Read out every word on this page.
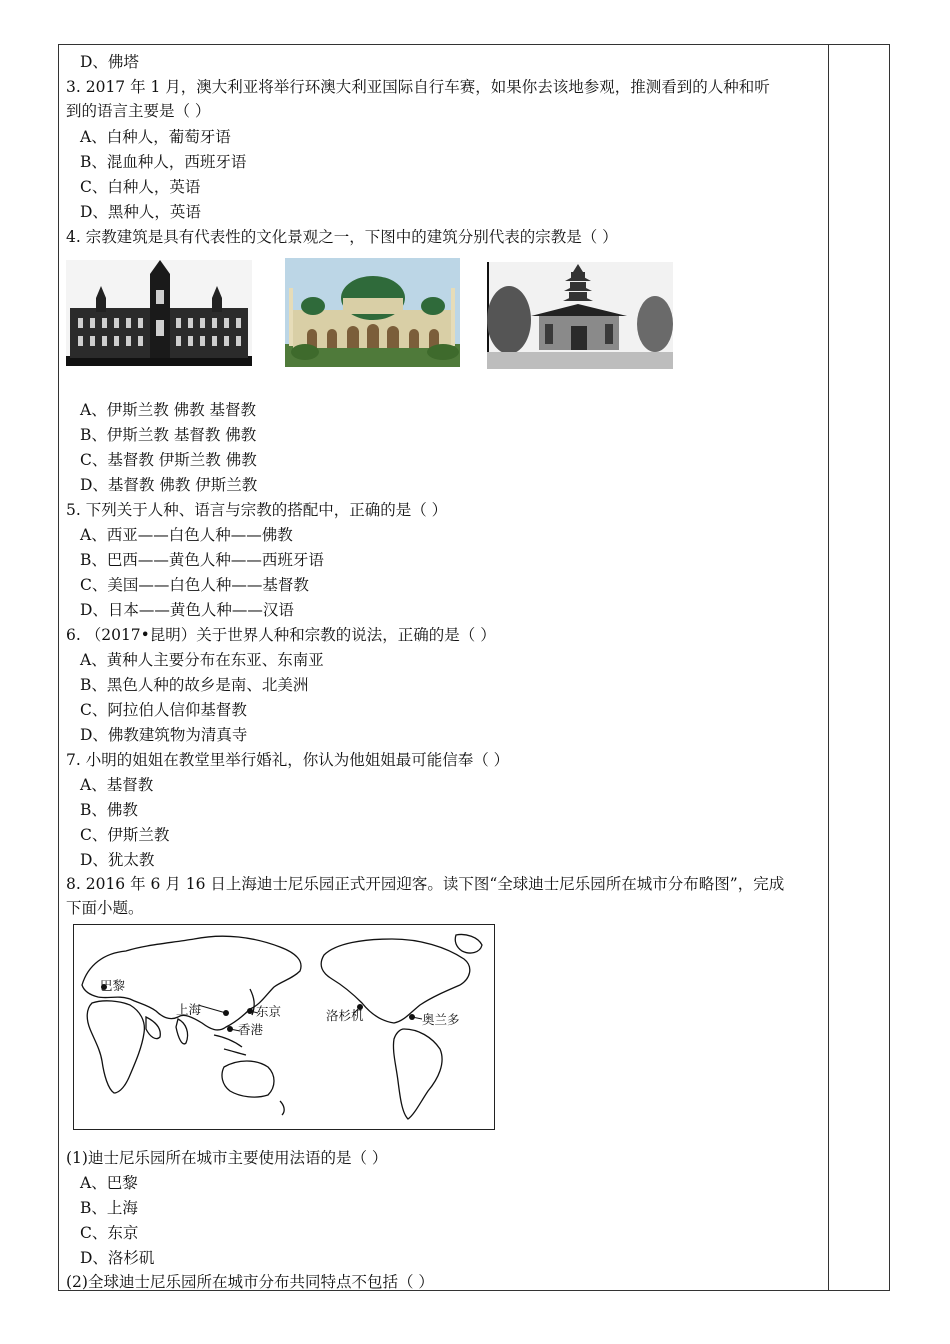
D、佛塔
3. 2017 年 1 月，澳大利亚将举行环澳大利亚国际自行车赛，如果你去该地参观，推测看到的人种和听
到的语言主要是（ ）
A、白种人，葡萄牙语
B、混血种人，西班牙语
C、白种人，英语
D、黑种人，英语
4. 宗教建筑是具有代表性的文化景观之一，下图中的建筑分别代表的宗教是（ ）
A、伊斯兰教 佛教 基督教
B、伊斯兰教 基督教 佛教
C、基督教 伊斯兰教 佛教
D、基督教 佛教 伊斯兰教
5. 下列关于人种、语言与宗教的搭配中，正确的是（ ）
A、西亚——白色人种——佛教
B、巴西——黄色人种——西班牙语
C、美国——白色人种——基督教
D、日本——黄色人种——汉语
6. （2017•昆明）关于世界人种和宗教的说法，正确的是（ ）
A、黄种人主要分布在东亚、东南亚
B、黑色人种的故乡是南、北美洲
C、阿拉伯人信仰基督教
D、佛教建筑物为清真寺
7. 小明的姐姐在教堂里举行婚礼，你认为他姐姐最可能信奉（ ）
A、基督教
B、佛教
C、伊斯兰教
D、犹太教
8. 2016 年 6 月 16 日上海迪士尼乐园正式开园迎客。读下图“全球迪士尼乐园所在城市分布略图”，完成
下面小题。
巴黎
上海	东京
香港
洛杉机	奥兰多
(1)迪士尼乐园所在城市主要使用法语的是（ ）
A、巴黎
B、上海
C、东京
D、洛杉矶
(2)全球迪士尼乐园所在城市分布共同特点不包括（ ）
